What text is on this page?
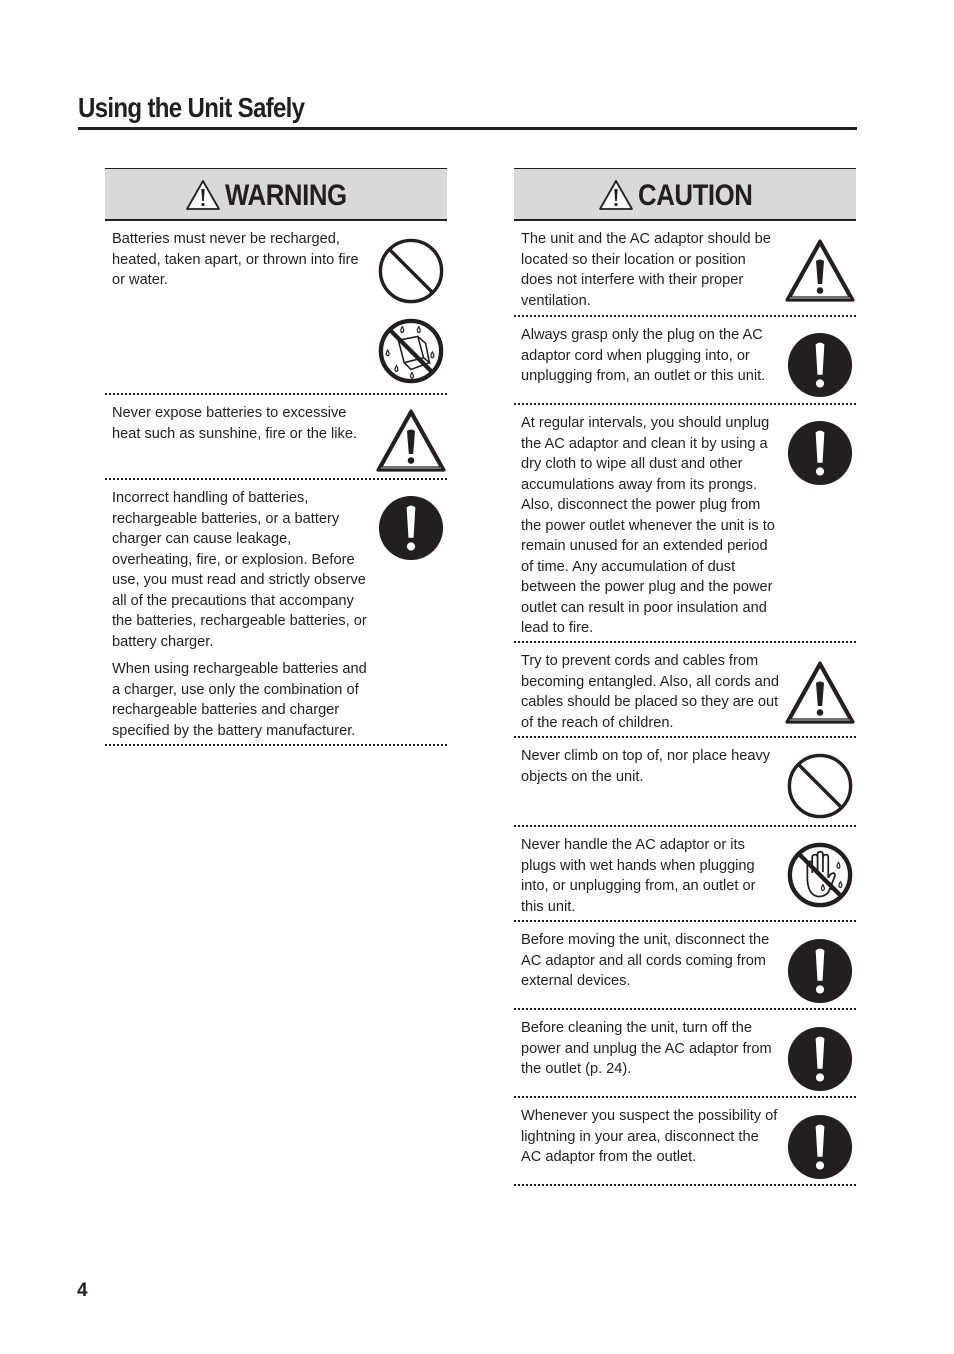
Using the Unit Safely
WARNING

Batteries must never be recharged, heated, taken apart, or thrown into fire or water.

Never expose batteries to excessive heat such as sunshine, fire or the like.

Incorrect handling of batteries, rechargeable batteries, or a battery charger can cause leakage, overheating, fire, or explosion. Before use, you must read and strictly observe all of the precautions that accompany the batteries, rechargeable batteries, or battery charger.

When using rechargeable batteries and a charger, use only the combination of rechargeable batteries and charger specified by the battery manufacturer.

CAUTION

The unit and the AC adaptor should be located so their location or position does not interfere with their proper ventilation.

Always grasp only the plug on the AC adaptor cord when plugging into, or unplugging from, an outlet or this unit.

At regular intervals, you should unplug the AC adaptor and clean it by using a dry cloth to wipe all dust and other accumulations away from its prongs. Also, disconnect the power plug from the power outlet whenever the unit is to remain unused for an extended period of time. Any accumulation of dust between the power plug and the power outlet can result in poor insulation and lead to fire.

Try to prevent cords and cables from becoming entangled. Also, all cords and cables should be placed so they are out of the reach of children.

Never climb on top of, nor place heavy objects on the unit.

Never handle the AC adaptor or its plugs with wet hands when plugging into, or unplugging from, an outlet or this unit.

Before moving the unit, disconnect the AC adaptor and all cords coming from external devices.

Before cleaning the unit, turn off the power and unplug the AC adaptor from the outlet (p. 24).

Whenever you suspect the possibility of lightning in your area, disconnect the AC adaptor from the outlet.

4
